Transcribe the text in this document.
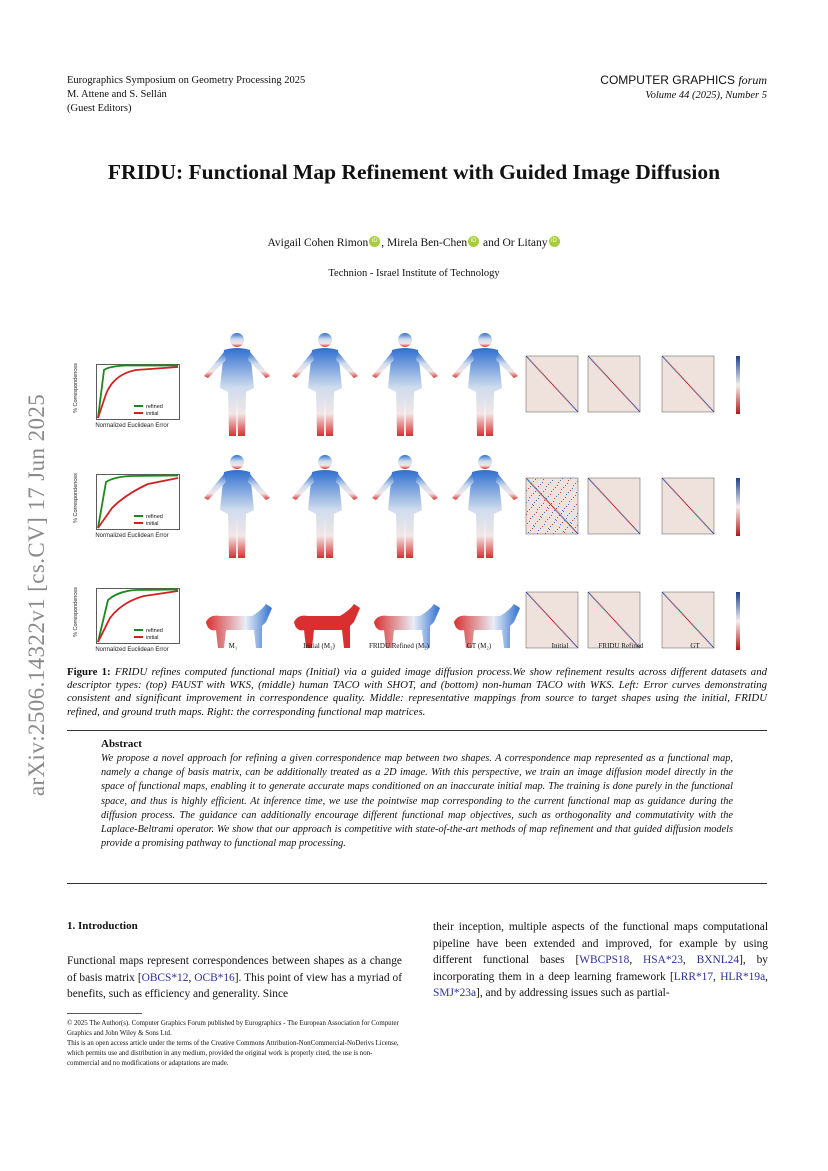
arXiv:2506.14322v1 [cs.CV] 17 Jun 2025
Eurographics Symposium on Geometry Processing 2025
M. Attene and S. Sellán
(Guest Editors)
COMPUTER GRAPHICS forum
Volume 44 (2025), Number 5
FRIDU: Functional Map Refinement with Guided Image Diffusion
Avigail Cohen Rimon iD , Mirela Ben-Chen iD and Or Litany iD
Technion - Israel Institute of Technology
% Correspondences	refined
initial
Normalized Euclidean Error
% Correspondences	refined
initial
Normalized Euclidean Error
% Correspondences	refined
initial
Normalized Euclidean Error	M₁	Initial (M₂)	FRIDU Refined (M₂)	GT (M₂)	Initial	FRIDU Refined	GT
Figure 1: FRIDU refines computed functional maps (Initial) via a guided image diffusion process.We show refinement results across different datasets and descriptor types: (top) FAUST with WKS, (middle) human TACO with SHOT, and (bottom) non-human TACO with WKS. Left: Error curves demonstrating consistent and significant improvement in correspondence quality. Middle: representative mappings from source to target shapes using the initial, FRIDU refined, and ground truth maps. Right: the corresponding functional map matrices.
Abstract
We propose a novel approach for refining a given correspondence map between two shapes. A correspondence map represented as a functional map, namely a change of basis matrix, can be additionally treated as a 2D image. With this perspective, we train an image diffusion model directly in the space of functional maps, enabling it to generate accurate maps conditioned on an inaccurate initial map. The training is done purely in the functional space, and thus is highly efficient. At inference time, we use the pointwise map corresponding to the current functional map as guidance during the diffusion process. The guidance can additionally encourage different functional map objectives, such as orthogonality and commutativity with the Laplace-Beltrami operator. We show that our approach is competitive with state-of-the-art methods of map refinement and that guided diffusion models provide a promising pathway to functional map processing.
1. Introduction
Functional maps represent correspondences between shapes as a change of basis matrix [OBCS*12, OCB*16]. This point of view has a myriad of benefits, such as efficiency and generality. Since
their inception, multiple aspects of the functional maps computational pipeline have been extended and improved, for example by using different functional bases [WBCPS18, HSA*23, BXNL24], by incorporating them in a deep learning framework [LRR*17, HLR*19a, SMJ*23a], and by addressing issues such as partial-
© 2025 The Author(s). Computer Graphics Forum published by Eurographics - The European Association for Computer Graphics and John Wiley & Sons Ltd.
This is an open access article under the terms of the Creative Commons Attribution-NonCommercial-NoDerivs License, which permits use and distribution in any medium, provided the original work is properly cited, the use is non-commercial and no modifications or adaptations are made.
